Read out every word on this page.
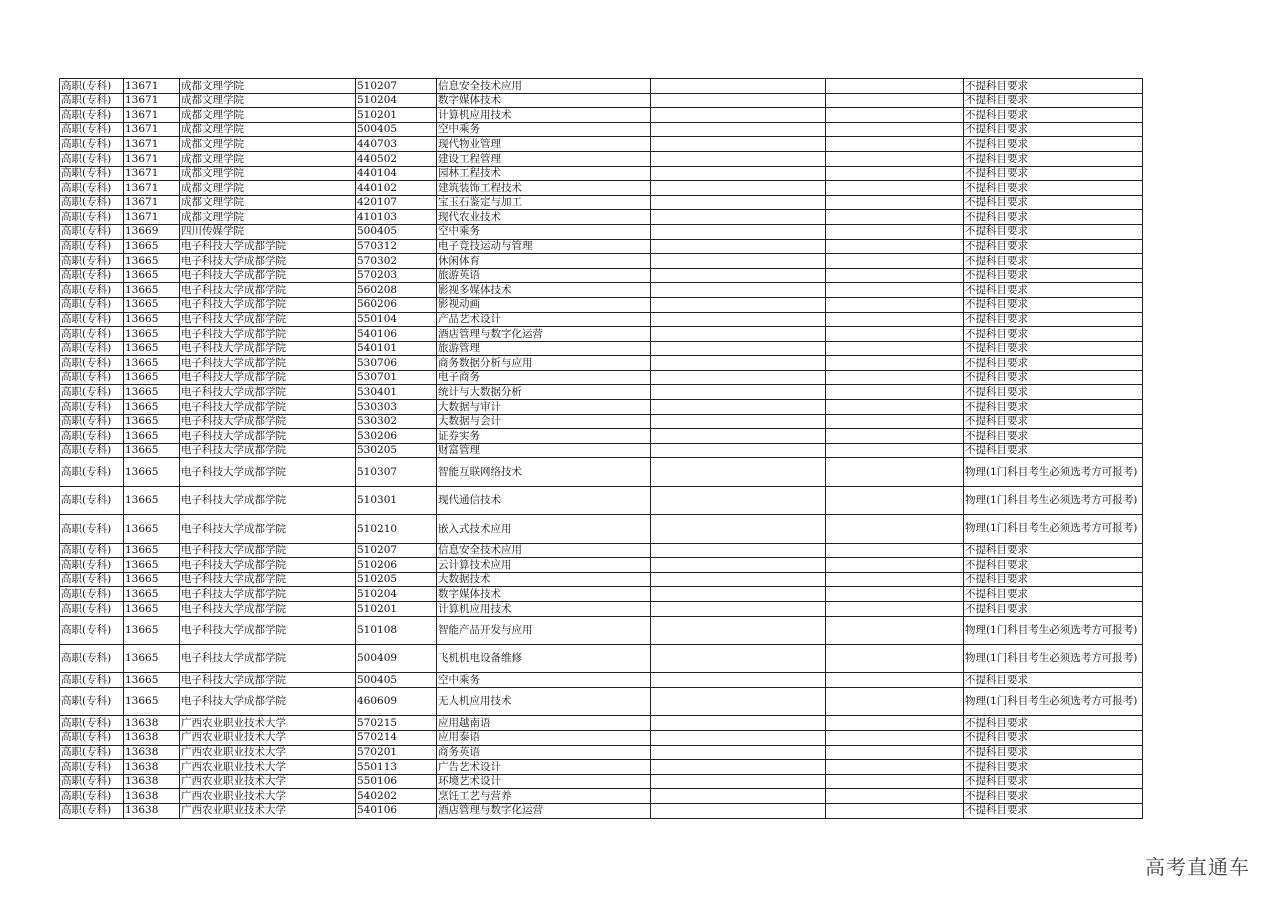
高职(专科)	13671	成都文理学院	510207	信息安全技术应用			不提科目要求
高职(专科)	13671	成都文理学院	510204	数字媒体技术			不提科目要求
高职(专科)	13671	成都文理学院	510201	计算机应用技术			不提科目要求
高职(专科)	13671	成都文理学院	500405	空中乘务			不提科目要求
高职(专科)	13671	成都文理学院	440703	现代物业管理			不提科目要求
高职(专科)	13671	成都文理学院	440502	建设工程管理			不提科目要求
高职(专科)	13671	成都文理学院	440104	园林工程技术			不提科目要求
高职(专科)	13671	成都文理学院	440102	建筑装饰工程技术			不提科目要求
高职(专科)	13671	成都文理学院	420107	宝玉石鉴定与加工			不提科目要求
高职(专科)	13671	成都文理学院	410103	现代农业技术			不提科目要求
高职(专科)	13669	四川传媒学院	500405	空中乘务			不提科目要求
高职(专科)	13665	电子科技大学成都学院	570312	电子竞技运动与管理			不提科目要求
高职(专科)	13665	电子科技大学成都学院	570302	休闲体育			不提科目要求
高职(专科)	13665	电子科技大学成都学院	570203	旅游英语			不提科目要求
高职(专科)	13665	电子科技大学成都学院	560208	影视多媒体技术			不提科目要求
高职(专科)	13665	电子科技大学成都学院	560206	影视动画			不提科目要求
高职(专科)	13665	电子科技大学成都学院	550104	产品艺术设计			不提科目要求
高职(专科)	13665	电子科技大学成都学院	540106	酒店管理与数字化运营			不提科目要求
高职(专科)	13665	电子科技大学成都学院	540101	旅游管理			不提科目要求
高职(专科)	13665	电子科技大学成都学院	530706	商务数据分析与应用			不提科目要求
高职(专科)	13665	电子科技大学成都学院	530701	电子商务			不提科目要求
高职(专科)	13665	电子科技大学成都学院	530401	统计与大数据分析			不提科目要求
高职(专科)	13665	电子科技大学成都学院	530303	大数据与审计			不提科目要求
高职(专科)	13665	电子科技大学成都学院	530302	大数据与会计			不提科目要求
高职(专科)	13665	电子科技大学成都学院	530206	证券实务			不提科目要求
高职(专科)	13665	电子科技大学成都学院	530205	财富管理			不提科目要求
高职(专科)	13665	电子科技大学成都学院	510307	智能互联网络技术			物理(1门科目考生必须选考方可报考)
高职(专科)	13665	电子科技大学成都学院	510301	现代通信技术			物理(1门科目考生必须选考方可报考)
高职(专科)	13665	电子科技大学成都学院	510210	嵌入式技术应用			物理(1门科目考生必须选考方可报考)
高职(专科)	13665	电子科技大学成都学院	510207	信息安全技术应用			不提科目要求
高职(专科)	13665	电子科技大学成都学院	510206	云计算技术应用			不提科目要求
高职(专科)	13665	电子科技大学成都学院	510205	大数据技术			不提科目要求
高职(专科)	13665	电子科技大学成都学院	510204	数字媒体技术			不提科目要求
高职(专科)	13665	电子科技大学成都学院	510201	计算机应用技术			不提科目要求
高职(专科)	13665	电子科技大学成都学院	510108	智能产品开发与应用			物理(1门科目考生必须选考方可报考)
高职(专科)	13665	电子科技大学成都学院	500409	飞机机电设备维修			物理(1门科目考生必须选考方可报考)
高职(专科)	13665	电子科技大学成都学院	500405	空中乘务			不提科目要求
高职(专科)	13665	电子科技大学成都学院	460609	无人机应用技术			物理(1门科目考生必须选考方可报考)
高职(专科)	13638	广西农业职业技术大学	570215	应用越南语			不提科目要求
高职(专科)	13638	广西农业职业技术大学	570214	应用泰语			不提科目要求
高职(专科)	13638	广西农业职业技术大学	570201	商务英语			不提科目要求
高职(专科)	13638	广西农业职业技术大学	550113	广告艺术设计			不提科目要求
高职(专科)	13638	广西农业职业技术大学	550106	环境艺术设计			不提科目要求
高职(专科)	13638	广西农业职业技术大学	540202	烹饪工艺与营养			不提科目要求
高职(专科)	13638	广西农业职业技术大学	540106	酒店管理与数字化运营			不提科目要求
高考直通车
